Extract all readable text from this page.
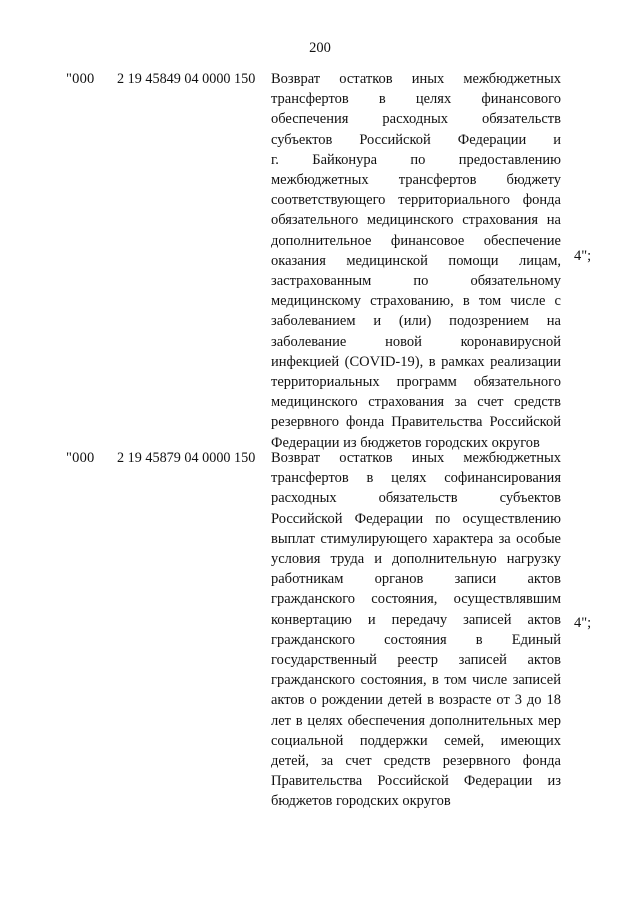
200
"000 2 19 45849 04 0000 150 Возврат остатков иных межбюджетных
трансфертов в целях финансового
обеспечения расходных обязательств
субъектов Российской Федерации и
г. Байконура по предоставлению
межбюджетных трансфертов бюджету
соответствующего территориального фонда
обязательного медицинского страхования на
дополнительное финансовое обеспечение
оказания медицинской помощи лицам,
застрахованным по обязательному
медицинскому страхованию, в том числе с
заболеванием и (или) подозрением на
заболевание новой коронавирусной
инфекцией (COVID-19), в рамках реализации
территориальных программ обязательного
медицинского страхования за счет средств
резервного фонда Правительства Российской
Федерации из бюджетов городских округов
4";
"000 2 19 45879 04 0000 150 Возврат остатков иных межбюджетных
трансфертов в целях софинансирования
расходных обязательств субъектов
Российской Федерации по осуществлению
выплат стимулирующего характера за особые
условия труда и дополнительную нагрузку
работникам органов записи актов
гражданского состояния, осуществлявшим
конвертацию и передачу записей актов
гражданского состояния в Единый
государственный реестр записей актов
гражданского состояния, в том числе записей
актов о рождении детей в возрасте от 3 до 18
лет в целях обеспечения дополнительных мер
социальной поддержки семей, имеющих
детей, за счет средств резервного фонда
Правительства Российской Федерации из
бюджетов городских округов
4";
